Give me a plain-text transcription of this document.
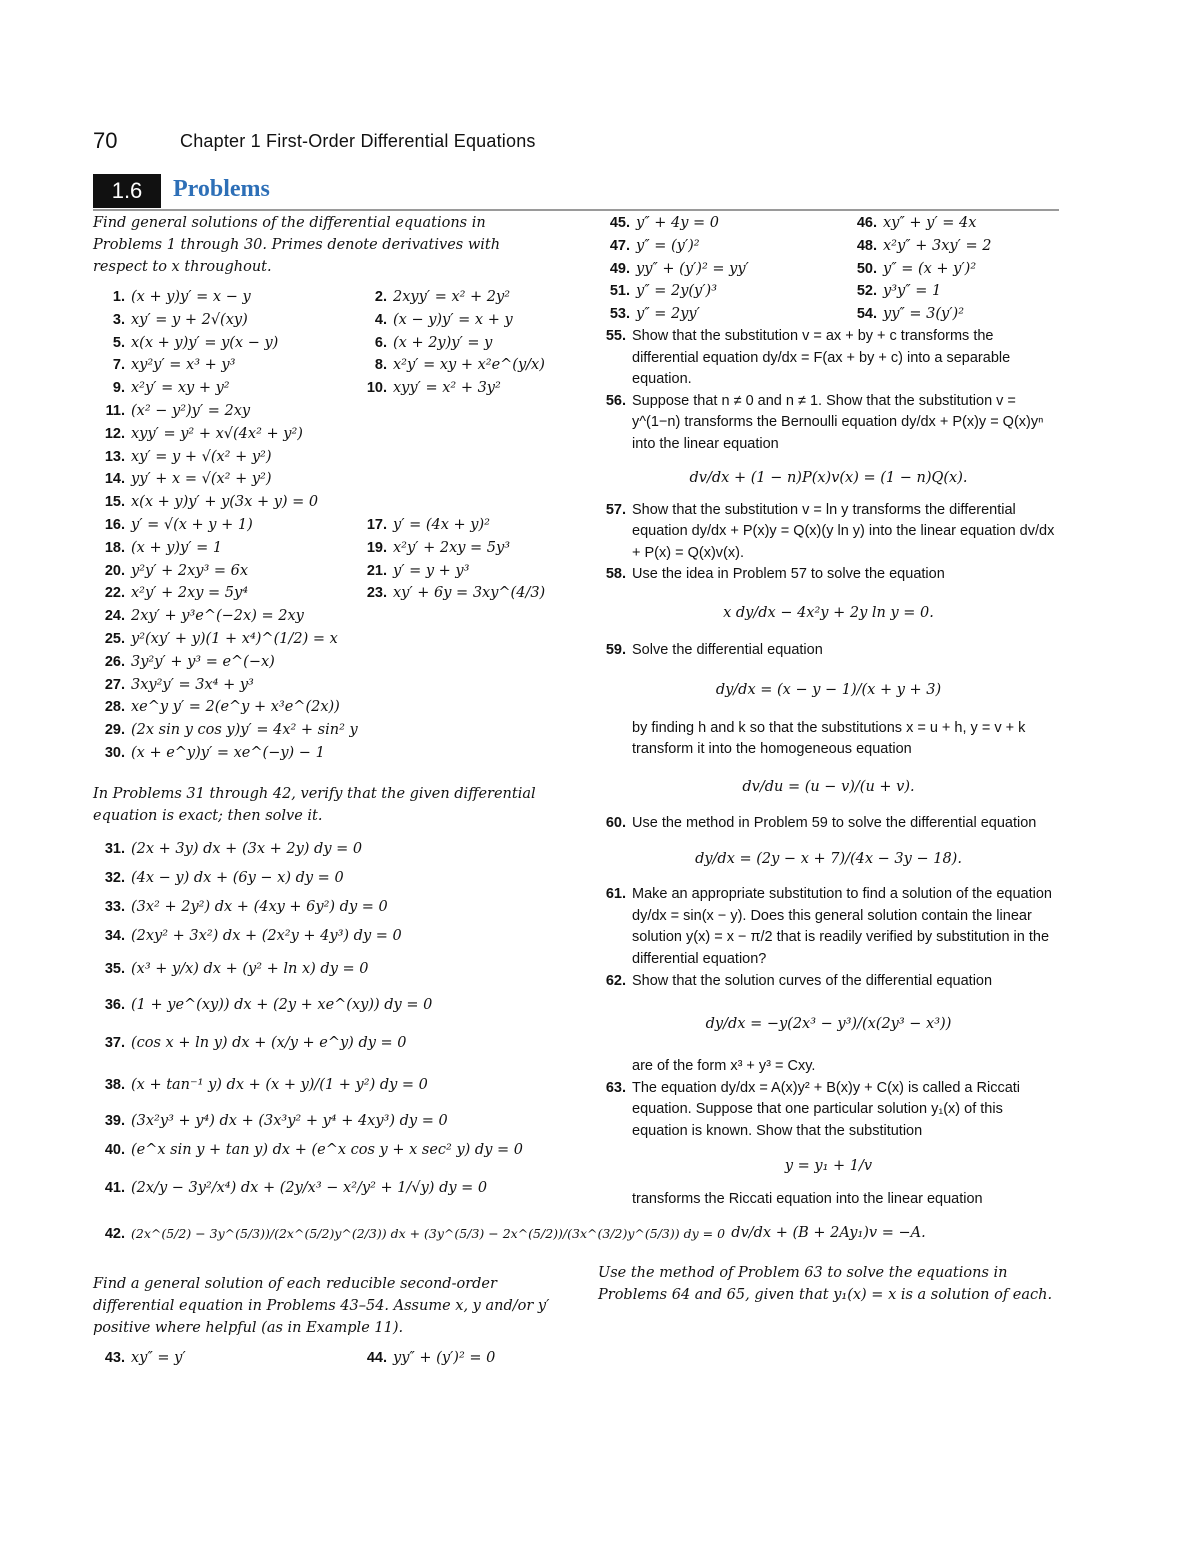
70	Chapter 1 First-Order Differential Equations
1.6	Problems

Find general solutions of the differential equations in Problems 1 through 30. Primes denote derivatives with respect to x throughout.

1. (x + y)y′ = x − y	2. 2xyy′ = x² + 2y²
3. xy′ = y + 2√(xy)	4. (x − y)y′ = x + y
5. x(x + y)y′ = y(x − y)	6. (x + 2y)y′ = y
7. xy²y′ = x³ + y³	8. x²y′ = xy + x²e^(y/x)
9. x²y′ = xy + y²	10. xyy′ = x² + 3y²
11. (x² − y²)y′ = 2xy
12. xyy′ = y² + x√(4x² + y²)
13. xy′ = y + √(x² + y²)
14. yy′ + x = √(x² + y²)
15. x(x + y)y′ + y(3x + y) = 0
16. y′ = √(x + y + 1)	17. y′ = (4x + y)²
18. (x + y)y′ = 1	19. x²y′ + 2xy = 5y³
20. y²y′ + 2xy³ = 6x	21. y′ = y + y³
22. x²y′ + 2xy = 5y⁴	23. xy′ + 6y = 3xy^(4/3)
24. 2xy′ + y³e^(−2x) = 2xy
25. y²(xy′ + y)(1 + x⁴)^(1/2) = x
26. 3y²y′ + y³ = e^(−x)
27. 3xy²y′ = 3x⁴ + y³
28. xe^y y′ = 2(e^y + x³e^(2x))
29. (2x sin y cos y)y′ = 4x² + sin² y
30. (x + e^y)y′ = xe^(−y) − 1

In Problems 31 through 42, verify that the given differential equation is exact; then solve it.

31. (2x + 3y) dx + (3x + 2y) dy = 0
32. (4x − y) dx + (6y − x) dy = 0
33. (3x² + 2y²) dx + (4xy + 6y²) dy = 0
34. (2xy² + 3x²) dx + (2x²y + 4y³) dy = 0
35. (x³ + y/x) dx + (y² + ln x) dy = 0
36. (1 + ye^(xy)) dx + (2y + xe^(xy)) dy = 0
37. (cos x + ln y) dx + (x/y + e^y) dy = 0
38. (x + tan⁻¹ y) dx + (x + y)/(1 + y²) dy = 0
39. (3x²y³ + y⁴) dx + (3x³y² + y⁴ + 4xy³) dy = 0
40. (e^x sin y + tan y) dx + (e^x cos y + x sec² y) dy = 0
41. (2x/y − 3y²/x⁴) dx + (2y/x³ − x²/y² + 1/√y) dy = 0
42. (2x^(5/2) − 3y^(5/3))/(2x^(5/2)y^(2/3)) dx + (3y^(5/3) − 2x^(5/2))/(3x^(3/2)y^(5/3)) dy = 0

Find a general solution of each reducible second-order differential equation in Problems 43–54. Assume x, y and/or y′ positive where helpful (as in Example 11).

43. xy″ = y′	44. yy″ + (y′)² = 0
45. y″ + 4y = 0	46. xy″ + y′ = 4x
47. y″ = (y′)²	48. x²y″ + 3xy′ = 2
49. yy″ + (y′)² = yy′	50. y″ = (x + y′)²
51. y″ = 2y(y′)³	52. y³y″ = 1
53. y″ = 2yy′	54. yy″ = 3(y′)²
55. Show that the substitution v = ax + by + c transforms the differential equation dy/dx = F(ax + by + c) into a separable equation.
56. Suppose that n ≠ 0 and n ≠ 1. Show that the substitution v = y^(1−n) transforms the Bernoulli equation dy/dx + P(x)y = Q(x)yⁿ into the linear equation
dv/dx + (1 − n)P(x)v(x) = (1 − n)Q(x).
57. Show that the substitution v = ln y transforms the differential equation dy/dx + P(x)y = Q(x)(y ln y) into the linear equation dv/dx + P(x) = Q(x)v(x).
58. Use the idea in Problem 57 to solve the equation
x dy/dx − 4x²y + 2y ln y = 0.
59. Solve the differential equation
dy/dx = (x − y − 1)/(x + y + 3)
by finding h and k so that the substitutions x = u + h, y = v + k transform it into the homogeneous equation
dv/du = (u − v)/(u + v).
60. Use the method in Problem 59 to solve the differential equation
dy/dx = (2y − x + 7)/(4x − 3y − 18).
61. Make an appropriate substitution to find a solution of the equation dy/dx = sin(x − y). Does this general solution contain the linear solution y(x) = x − π/2 that is readily verified by substitution in the differential equation?
62. Show that the solution curves of the differential equation
dy/dx = −y(2x³ − y³)/(x(2y³ − x³))
are of the form x³ + y³ = Cxy.
63. The equation dy/dx = A(x)y² + B(x)y + C(x) is called a Riccati equation. Suppose that one particular solution y₁(x) of this equation is known. Show that the substitution
y = y₁ + 1/v
transforms the Riccati equation into the linear equation
dv/dx + (B + 2Ay₁)v = −A.

Use the method of Problem 63 to solve the equations in Problems 64 and 65, given that y₁(x) = x is a solution of each.
